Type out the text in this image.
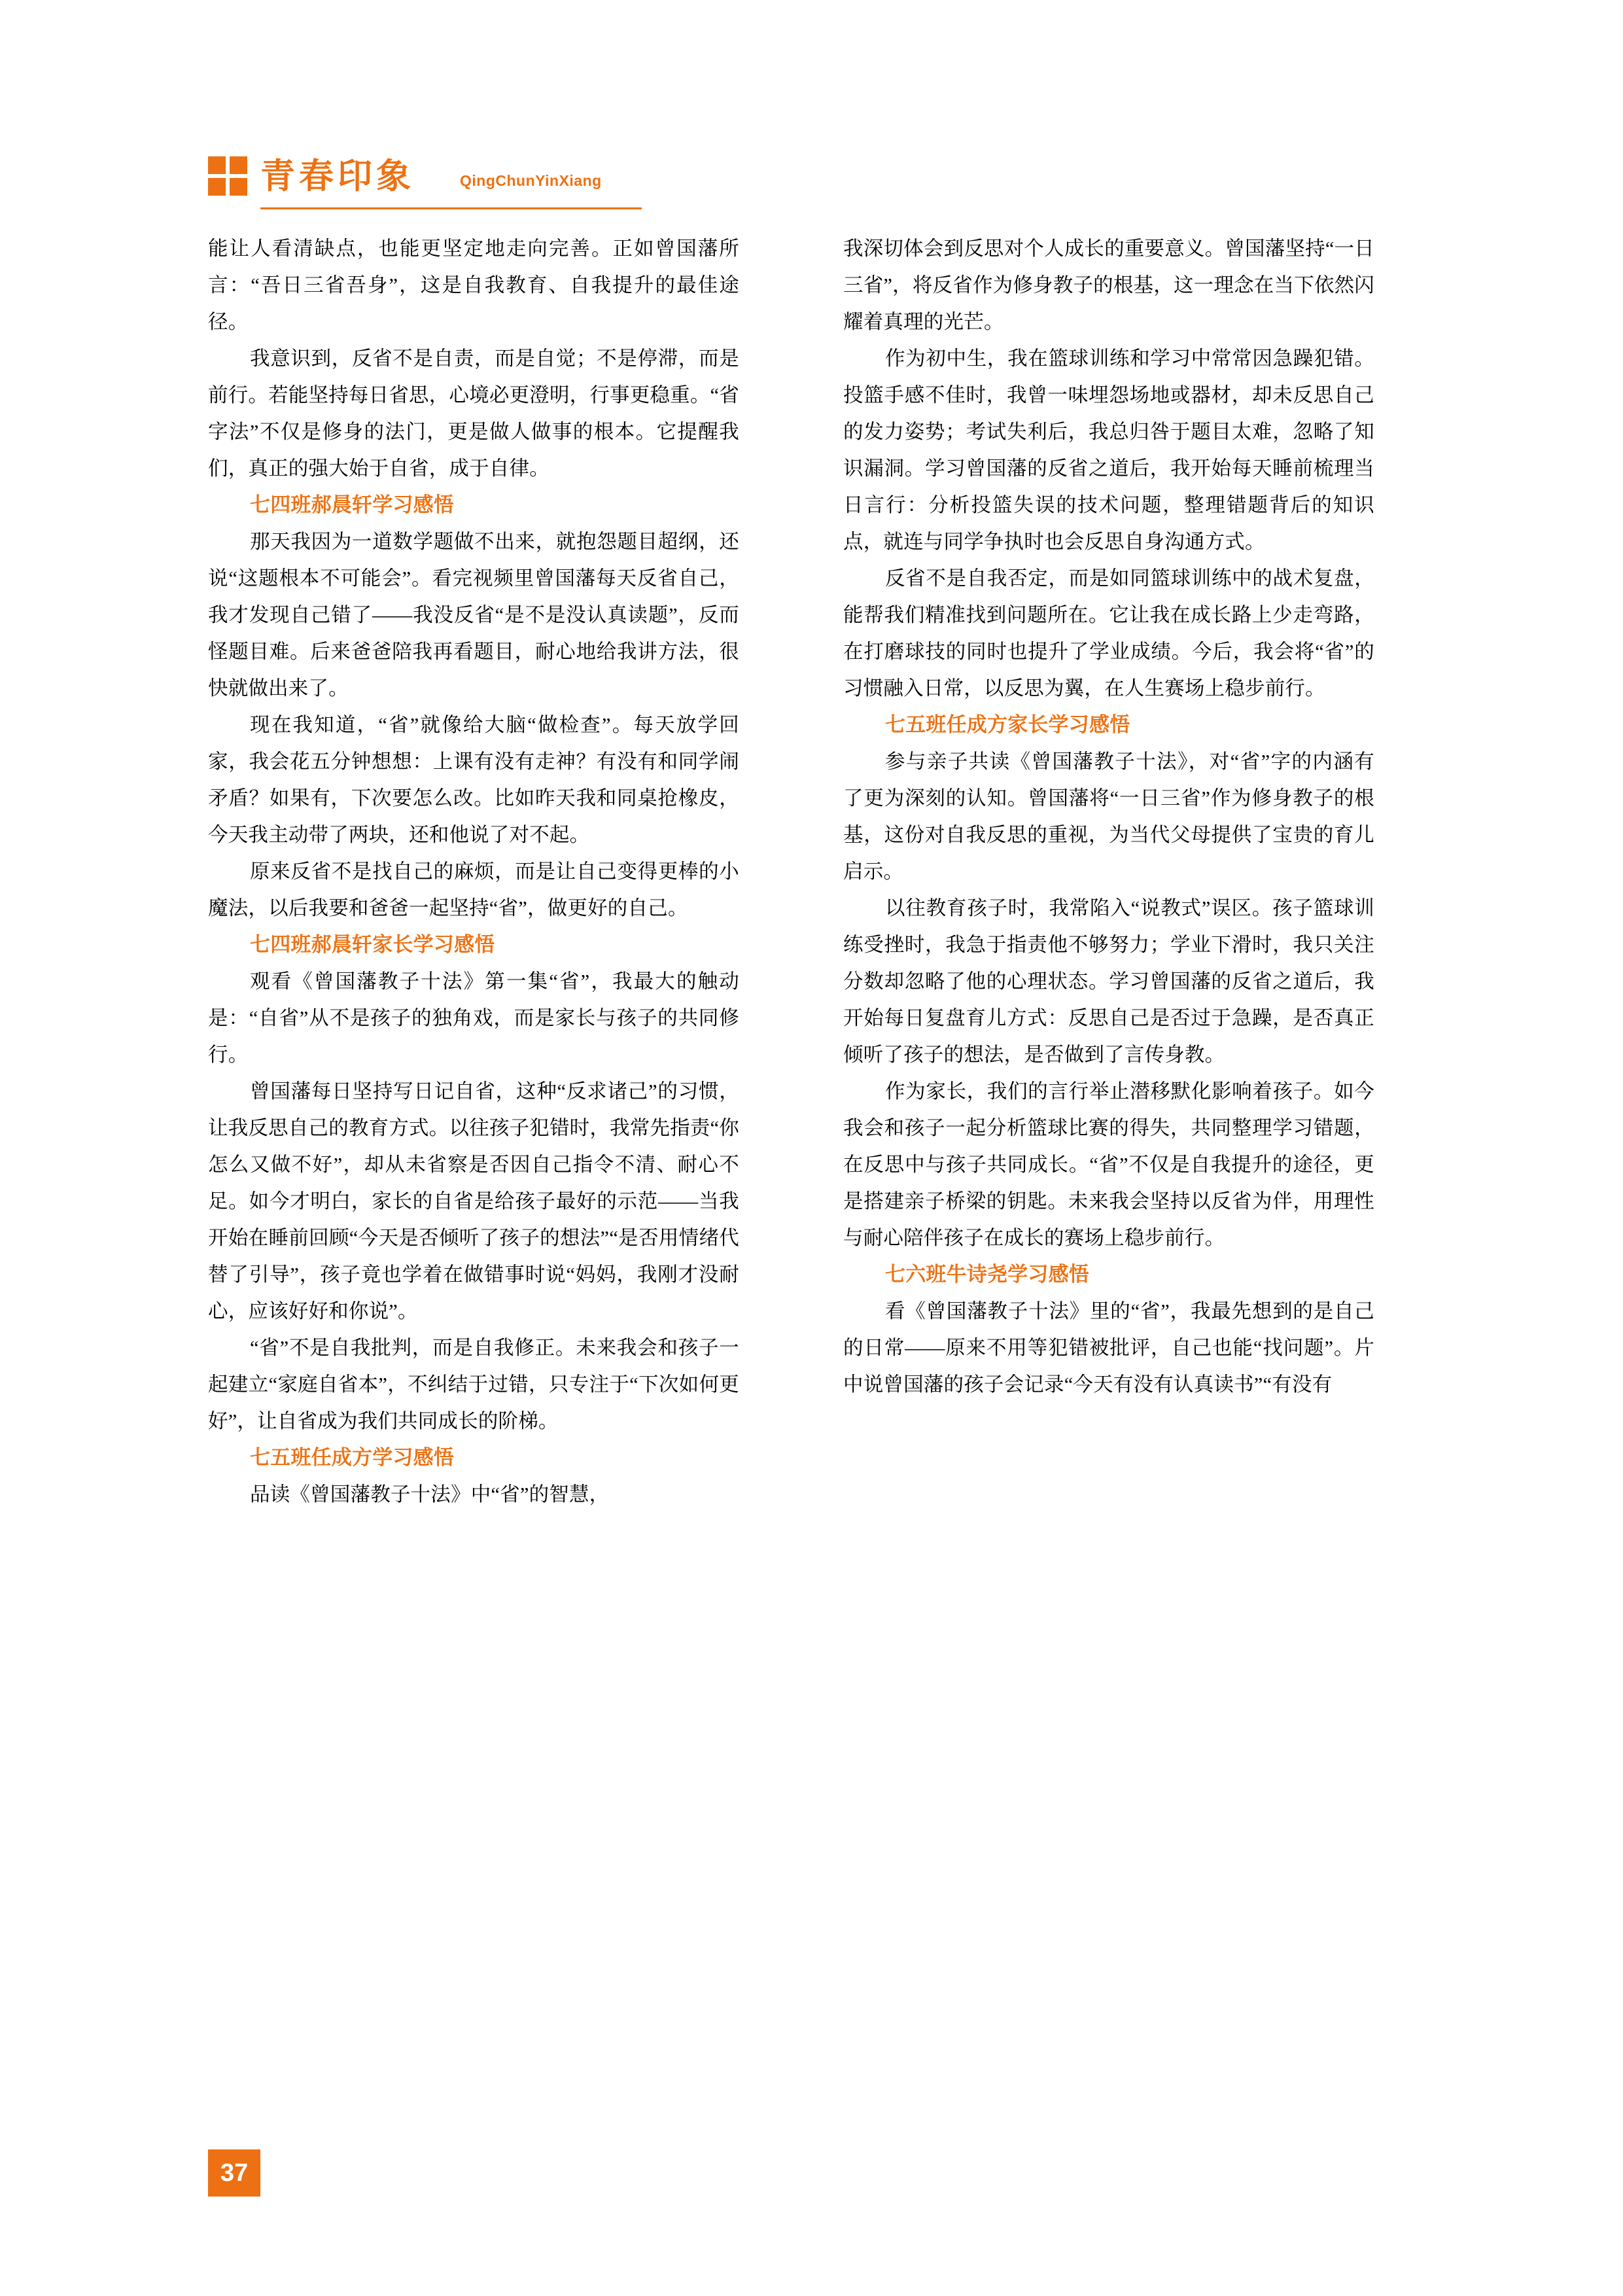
青春印象	QingChunYinXiang

能让人看清缺点，也能更坚定地走向完善。正如曾国藩所言：“吾日三省吾身”，这是自我教育、自我提升的最佳途径。

我意识到，反省不是自责，而是自觉；不是停滞，而是前行。若能坚持每日省思，心境必更澄明，行事更稳重。“省字法”不仅是修身的法门，更是做人做事的根本。它提醒我们，真正的强大始于自省，成于自律。

七四班郝晨轩学习感悟

那天我因为一道数学题做不出来，就抱怨题目超纲，还说“这题根本不可能会”。看完视频里曾国藩每天反省自己，我才发现自己错了——我没反省“是不是没认真读题”，反而怪题目难。后来爸爸陪我再看题目，耐心地给我讲方法，很快就做出来了。

现在我知道，“省”就像给大脑“做检查”。每天放学回家，我会花五分钟想想：上课有没有走神？有没有和同学闹矛盾？如果有，下次要怎么改。比如昨天我和同桌抢橡皮，今天我主动带了两块，还和他说了对不起。

原来反省不是找自己的麻烦，而是让自己变得更棒的小魔法，以后我要和爸爸一起坚持“省”，做更好的自己。

七四班郝晨轩家长学习感悟

观看《曾国藩教子十法》第一集“省”，我最大的触动是：“自省”从不是孩子的独角戏，而是家长与孩子的共同修行。

曾国藩每日坚持写日记自省，这种“反求诸己”的习惯，让我反思自己的教育方式。以往孩子犯错时，我常先指责“你怎么又做不好”，却从未省察是否因自己指令不清、耐心不足。如今才明白，家长的自省是给孩子最好的示范——当我开始在睡前回顾“今天是否倾听了孩子的想法”“是否用情绪代替了引导”，孩子竟也学着在做错事时说“妈妈，我刚才没耐心，应该好好和你说”。

“省”不是自我批判，而是自我修正。未来我会和孩子一起建立“家庭自省本”，不纠结于过错，只专注于“下次如何更好”，让自省成为我们共同成长的阶梯。

七五班任成方学习感悟

品读《曾国藩教子十法》中“省”的智慧，

我深切体会到反思对个人成长的重要意义。曾国藩坚持“一日三省”，将反省作为修身教子的根基，这一理念在当下依然闪耀着真理的光芒。

作为初中生，我在篮球训练和学习中常常因急躁犯错。投篮手感不佳时，我曾一味埋怨场地或器材，却未反思自己的发力姿势；考试失利后，我总归咎于题目太难，忽略了知识漏洞。学习曾国藩的反省之道后，我开始每天睡前梳理当日言行：分析投篮失误的技术问题，整理错题背后的知识点，就连与同学争执时也会反思自身沟通方式。

反省不是自我否定，而是如同篮球训练中的战术复盘，能帮我们精准找到问题所在。它让我在成长路上少走弯路，在打磨球技的同时也提升了学业成绩。今后，我会将“省”的习惯融入日常，以反思为翼，在人生赛场上稳步前行。

七五班任成方家长学习感悟

参与亲子共读《曾国藩教子十法》，对“省”字的内涵有了更为深刻的认知。曾国藩将“一日三省”作为修身教子的根基，这份对自我反思的重视，为当代父母提供了宝贵的育儿启示。

以往教育孩子时，我常陷入“说教式”误区。孩子篮球训练受挫时，我急于指责他不够努力；学业下滑时，我只关注分数却忽略了他的心理状态。学习曾国藩的反省之道后，我开始每日复盘育儿方式：反思自己是否过于急躁，是否真正倾听了孩子的想法，是否做到了言传身教。

作为家长，我们的言行举止潜移默化影响着孩子。如今我会和孩子一起分析篮球比赛的得失，共同整理学习错题，在反思中与孩子共同成长。“省”不仅是自我提升的途径，更是搭建亲子桥梁的钥匙。未来我会坚持以反省为伴，用理性与耐心陪伴孩子在成长的赛场上稳步前行。

七六班牛诗尧学习感悟

看《曾国藩教子十法》里的“省”，我最先想到的是自己的日常——原来不用等犯错被批评，自己也能“找问题”。片中说曾国藩的孩子会记录“今天有没有认真读书”“有没有

37
